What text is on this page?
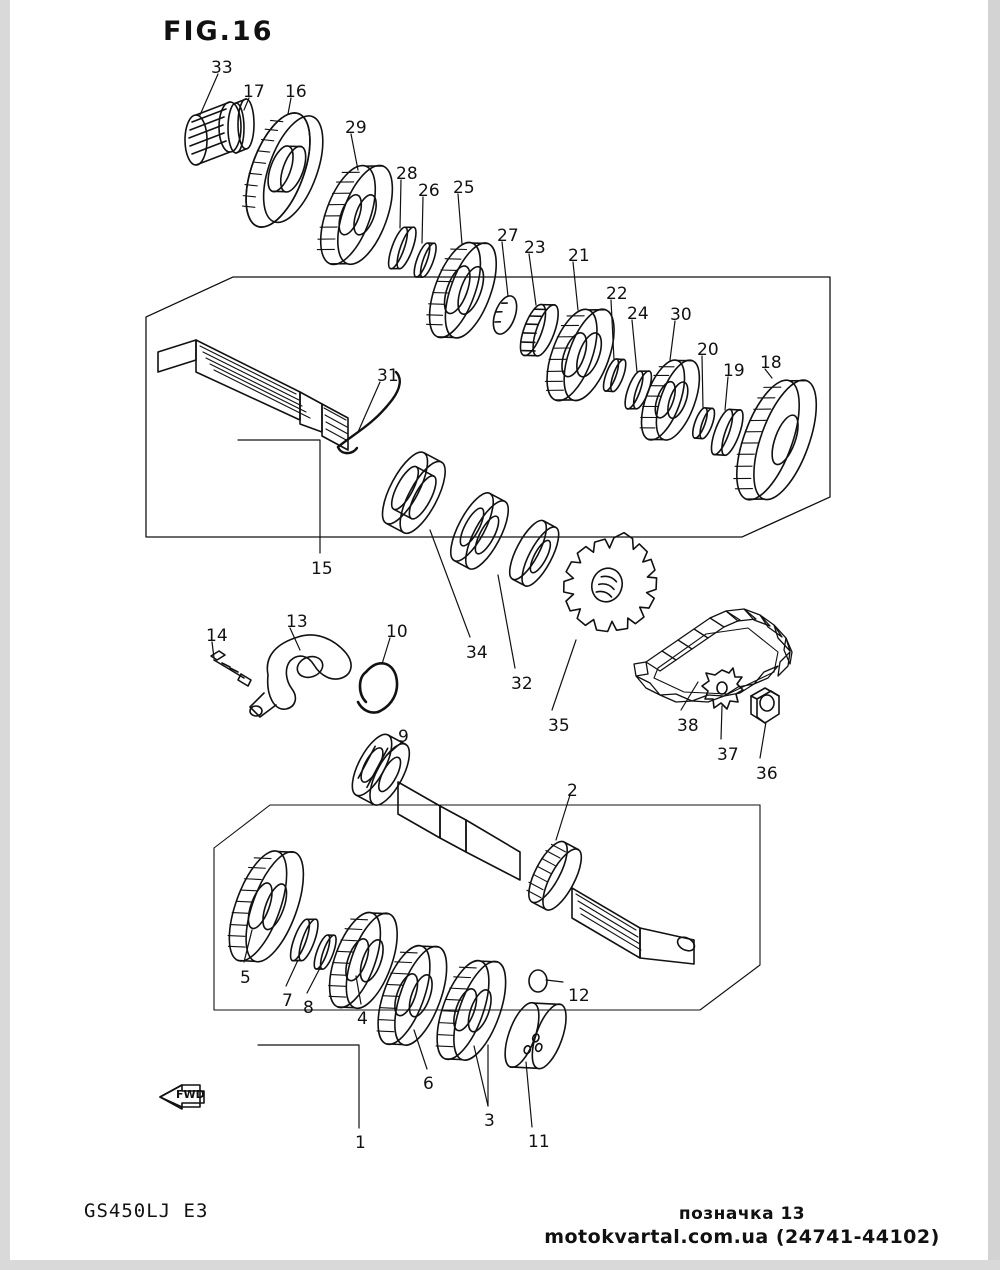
FIG.16
FWD
33
17 16
29
28
26 25
27
23 21
22
24 30
20
19 18
31
15
34
32
14
13	10
9
35	38
37
36
2
12
5
7 8
4
6
3
11
1
GS450LJ E3	позначка 13
motokvartal.com.ua (24741-44102)
